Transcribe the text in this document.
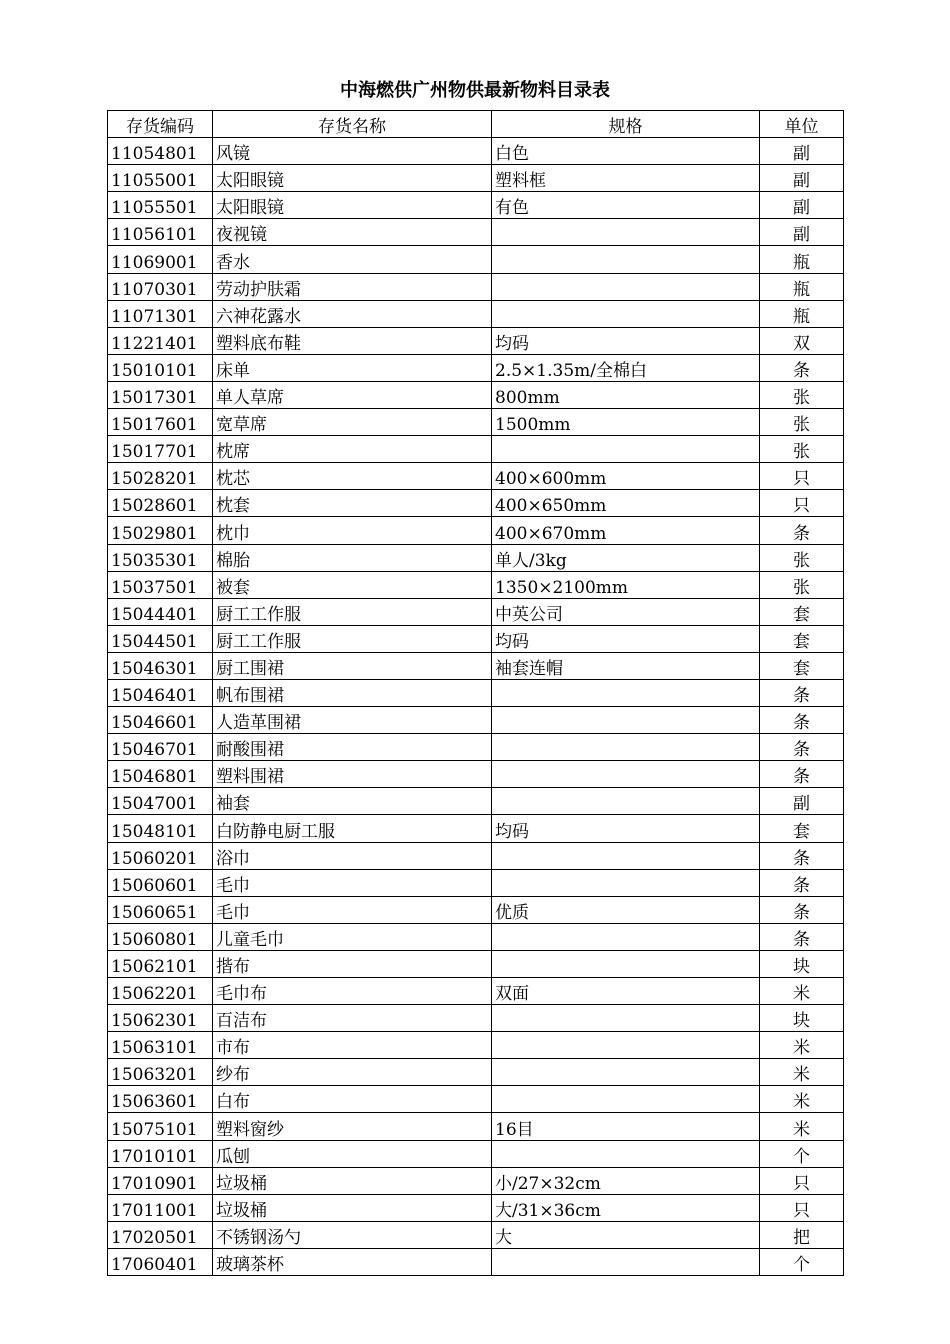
中海燃供广州物供最新物料目录表
存货编码	存货名称	规格	单位
11054801	风镜	白色	副
11055001	太阳眼镜	塑料框	副
11055501	太阳眼镜	有色	副
11056101	夜视镜		副
11069001	香水		瓶
11070301	劳动护肤霜		瓶
11071301	六神花露水		瓶
11221401	塑料底布鞋	均码	双
15010101	床单	2.5×1.35m/全棉白	条
15017301	单人草席	800mm	张
15017601	宽草席	1500mm	张
15017701	枕席		张
15028201	枕芯	400×600mm	只
15028601	枕套	400×650mm	只
15029801	枕巾	400×670mm	条
15035301	棉胎	单人/3kg	张
15037501	被套	1350×2100mm	张
15044401	厨工工作服	中英公司	套
15044501	厨工工作服	均码	套
15046301	厨工围裙	袖套连帽	套
15046401	帆布围裙		条
15046601	人造革围裙		条
15046701	耐酸围裙		条
15046801	塑料围裙		条
15047001	袖套		副
15048101	白防静电厨工服	均码	套
15060201	浴巾		条
15060601	毛巾		条
15060651	毛巾	优质	条
15060801	儿童毛巾		条
15062101	揩布		块
15062201	毛巾布	双面	米
15062301	百洁布		块
15063101	市布		米
15063201	纱布		米
15063601	白布		米
15075101	塑料窗纱	16目	米
17010101	瓜刨		个
17010901	垃圾桶	小/27×32cm	只
17011001	垃圾桶	大/31×36cm	只
17020501	不锈钢汤勺	大	把
17060401	玻璃茶杯		个
